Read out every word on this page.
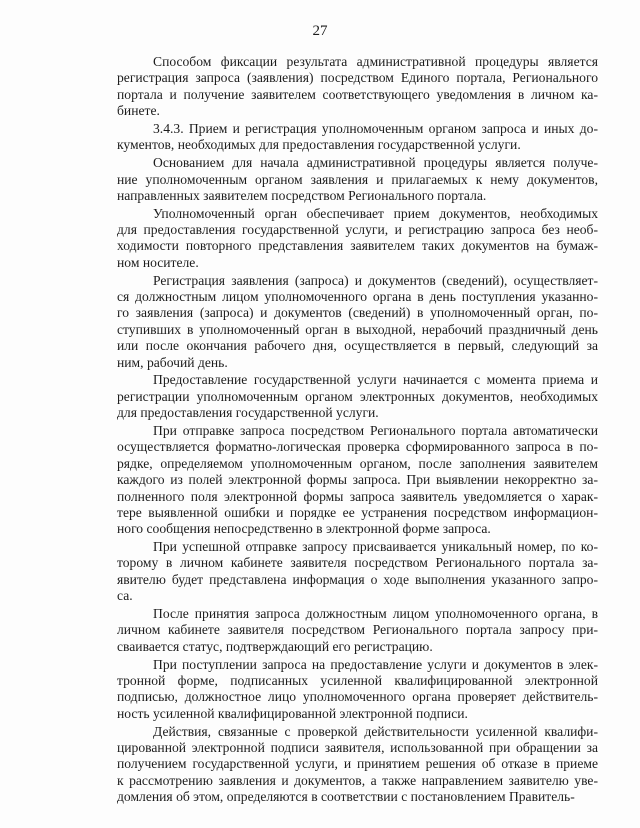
27
Способом фиксации результата административной процедуры является
регистрация запроса (заявления) посредством Единого портала, Регионального
портала и получение заявителем соответствующего уведомления в личном ка-
бинете.
3.4.3. Прием и регистрация уполномоченным органом запроса и иных до-
кументов, необходимых для предоставления государственной услуги.
Основанием для начала административной процедуры является получе-
ние уполномоченным органом заявления и прилагаемых к нему документов,
направленных заявителем посредством Регионального портала.
Уполномоченный орган обеспечивает прием документов, необходимых
для предоставления государственной услуги, и регистрацию запроса без необ-
ходимости повторного представления заявителем таких документов на бумаж-
ном носителе.
Регистрация заявления (запроса) и документов (сведений), осуществляет-
ся должностным лицом уполномоченного органа в день поступления указанно-
го заявления (запроса) и документов (сведений) в уполномоченный орган, по-
ступивших в уполномоченный орган в выходной, нерабочий праздничный день
или после окончания рабочего дня, осуществляется в первый, следующий за
ним, рабочий день.
Предоставление государственной услуги начинается с момента приема и
регистрации уполномоченным органом электронных документов, необходимых
для предоставления государственной услуги.
При отправке запроса посредством Регионального портала автоматически
осуществляется форматно-логическая проверка сформированного запроса в по-
рядке, определяемом уполномоченным органом, после заполнения заявителем
каждого из полей электронной формы запроса. При выявлении некорректно за-
полненного поля электронной формы запроса заявитель уведомляется о харак-
тере выявленной ошибки и порядке ее устранения посредством информацион-
ного сообщения непосредственно в электронной форме запроса.
При успешной отправке запросу присваивается уникальный номер, по ко-
торому в личном кабинете заявителя посредством Регионального портала за-
явителю будет представлена информация о ходе выполнения указанного запро-
са.
После принятия запроса должностным лицом уполномоченного органа, в
личном кабинете заявителя посредством Регионального портала запросу при-
сваивается статус, подтверждающий его регистрацию.
При поступлении запроса на предоставление услуги и документов в элек-
тронной форме, подписанных усиленной квалифицированной электронной
подписью, должностное лицо уполномоченного органа проверяет действитель-
ность усиленной квалифицированной электронной подписи.
Действия, связанные с проверкой действительности усиленной квалифи-
цированной электронной подписи заявителя, использованной при обращении за
получением государственной услуги, и принятием решения об отказе в приеме
к рассмотрению заявления и документов, а также направлением заявителю уве-
домления об этом, определяются в соответствии с постановлением Правитель-
